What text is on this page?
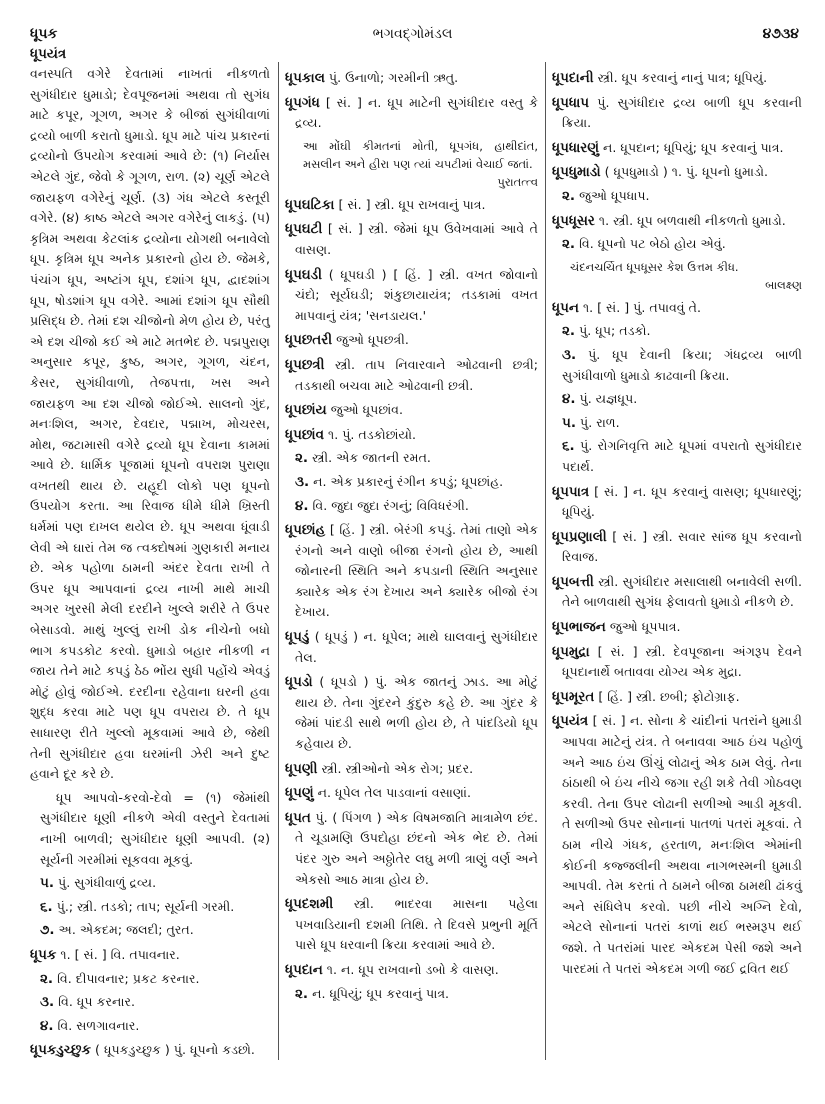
ધૂપક	ભગવદ્ગોમંડલ	૪૭૩૪
ધૂપયંત્ર
વનસ્પતિ વગેરે દેવતામાં નાખતાં નીકળતો સુગંધીદાર ધુમાડો; દેવપૂજનમાં અથવા તો સુગંધ માટે કપૂર, ગૂગળ, અગર કે બીજાં સુગંધીવાળાં દ્રવ્યો બાળી કરાતો ધુમાડો. ધૂપ માટે પાંચ પ્રકારનાં દ્રવ્યોનો ઉપયોગ કરવામાં આવે છે: (૧) નિર્યાસ એટલે ગુંદ, જેવો કે ગૂગળ, રાળ. (૨) ચૂર્ણ એટલે જાયફળ વગેરેનું ચૂર્ણ. (૩) ગંધ એટલે કસ્તૂરી વગેરે. (૪) કાષ્ઠ એટલે અગર વગેરેનું લાકડું. (૫) કૃત્રિમ અથવા કેટલાંક દ્રવ્યોના યોગથી બનાવેલો ધૂપ. કૃત્રિમ ધૂપ અનેક પ્રકારનો હોય છે. જેમકે, પંચાંગ ધૂપ, અષ્ટાંગ ધૂપ, દશાંગ ધૂપ, દ્વાદશાંગ ધૂપ, ષોડશાંગ ધૂપ વગેરે. આમાં દશાંગ ધૂપ સૌથી પ્રસિદ્ધ છે. તેમાં દશ ચીજોનો મેળ હોય છે, પરંતુ એ દશ ચીજો કઈ એ માટે મતભેદ છે. પદ્મપુરાણ અનુસાર કપૂર, કુષ્ઠ, અગર, ગૂગળ, ચંદન, કેસર, સુગંધીવાળો, તેજપત્તા, ખસ અને જાયફળ આ દશ ચીજો જોઈએ. સાલનો ગુંદ, મનઃશિલ, અગર, દેવદાર, પદ્માખ, મોચરસ, મોથ, જટામાસી વગેરે દ્રવ્યો ધૂપ દેવાના કામમાં આવે છે. ધાર્મિક પૂજામાં ધૂપનો વપરાશ પુરાણા વખતથી થાય છે. યહૂદી લોકો પણ ધૂપનો ઉપયોગ કરતા. આ રિવાજ ધીમે ધીમે ખ્રિસ્તી ધર્મમાં પણ દાખલ થયેલ છે. ધૂપ અથવા ધૂંવાડી લેવી એ ઘારાં તેમ જ ત્વક્દોષમાં ગુણકારી મનાય છે. એક પહોળા ઠામની અંદર દેવતા રાખી તે ઉપર ધૂપ આપવાનાં દ્રવ્ય નાખી માથે માચી અગર ખુરસી મેલી દરદીને ખુલ્લે શરીરે તે ઉપર બેસાડવો. માથું ખુલ્લું રાખી ડોક નીચેનો બધો ભાગ કપડકોટ કરવો. ધુમાડો બહાર નીકળી ન જાય તેને માટે કપડું ઠેઠ ભોંય સુધી પહોંચે એવડું મોટું હોવું જોઈએ. દરદીના રહેવાના ઘરની હવા શુદ્ધ કરવા માટે પણ ધૂપ વપરાય છે. તે ધૂપ સાધારણ રીતે ખુલ્લો મૂકવામાં આવે છે, જેથી તેની સુગંધીદાર હવા ઘરમાંની ઝેરી અને દુષ્ટ હવાને દૂર કરે છે.
ધૂપ આપવો-કરવો-દેવો = (૧) જેમાંથી સુગંધીદાર ધૂણી નીકળે એવી વસ્તુને દેવતામાં નાખી બાળવી; સુગંધીદાર ધૂણી આપવી. (૨) સૂર્યની ગરમીમાં સૂકવવા મૂકવું.
૫. પું. સુગંધીવાળું દ્રવ્ય.
૬. પું.; સ્ત્રી. તડકો; તાપ; સૂર્યની ગરમી.
૭. અ. એકદમ; જલદી; તુરત.
ધૂપક ૧. [ સં. ] વિ. તપાવનાર.
૨. વિ. દીપાવનાર; પ્રકટ કરનાર.
૩. વિ. ધૂપ કરનાર.
૪. વિ. સળગાવનાર.
ધૂપકડુચ્છુક ( ધૂપકડુચ્છુક ) પું. ધૂપનો કડછો.
ધૂપકાલ પું. ઉનાળો; ગરમીની ઋતુ.
ધૂપગંધ [ સં. ] ન. ધૂપ માટેની સુગંધીદાર વસ્તુ કે દ્રવ્ય.
આ મોંઘી કીમતનાં મોતી, ધૂપગંધ, હાથીદાંત, મસલીન અને હીરા પણ ત્યાં ચપટીમાં વેચાઈ જતાં.
પુરાતત્ત્વ
ધૂપઘટિકા [ સં. ] સ્ત્રી. ધૂપ રાખવાનું પાત્ર.
ધૂપઘટી [ સં. ] સ્ત્રી. જેમાં ધૂપ ઉવેખવામાં આવે તે વાસણ.
ધૂપઘડી ( ધૂપઘડી ) [ હિં. ] સ્ત્રી. વખત જોવાનો ચંદો; સૂર્યઘડી; શંકુછાયાયંત્ર; તડકામાં વખત માપવાનું યંત્ર; 'સનડાયલ.'
ધૂપછતરી જુઓ ધૂપછત્રી.
ધૂપછત્રી સ્ત્રી. તાપ નિવારવાને ઓઢવાની છત્રી; તડકાથી બચવા માટે ઓઢવાની છત્રી.
ધૂપછાંય જુઓ ધૂપછાંવ.
ધૂપછાંવ ૧. પું. તડકોછાંયો.
૨. સ્ત્રી. એક જાતની રમત.
૩. ન. એક પ્રકારનું રંગીન કપડું; ધૂપછાંહ.
૪. વિ. જુદા જુદા રંગનું; વિવિધરંગી.
ધૂપછાંહ [ હિં. ] સ્ત્રી. બેરંગી કપડું. તેમાં તાણો એક રંગનો અને વાણો બીજા રંગનો હોય છે, આથી જોનારની સ્થિતિ અને કપડાની સ્થિતિ અનુસાર ક્યારેક એક રંગ દેખાય અને ક્યારેક બીજો રંગ દેખાય.
ધૂપડું ( ધૂપડું ) ન. ધૂપેલ; માથે ઘાલવાનું સુગંધીદાર તેલ.
ધૂપડો ( ધૂપડો ) પું. એક જાતનું ઝાડ. આ મોટું થાય છે. તેના ગુંદરને કુંદુરુ કહે છે. આ ગુંદર કે જેમાં પાંદડી સાથે ભળી હોય છે, તે પાંદડિયો ધૂપ કહેવાય છે.
ધૂપણી સ્ત્રી. સ્ત્રીઓનો એક રોગ; પ્રદર.
ધૂપણું ન. ધૂપેલ તેલ પાડવાનાં વસાણાં.
ધૂપત પું. ( પિંગળ ) એક વિષમજાતિ માત્રામેળ છંદ. તે ચૂડામણિ ઉપદોહા છંદનો એક ભેદ છે. તેમાં પંદર ગુરુ અને અઠ્ઠોતેર લઘુ મળી ત્રાણું વર્ણ અને એકસો આઠ માત્રા હોય છે.
ધૂપદશમી સ્ત્રી. ભાદરવા માસના પહેલા પખવાડિયાની દશમી તિથિ. તે દિવસે પ્રભુની મૂર્તિ પાસે ધૂપ ધરવાની ક્રિયા કરવામાં આવે છે.
ધૂપદાન ૧. ન. ધૂપ રાખવાનો ડબો કે વાસણ.
૨. ન. ધૂપિયું; ધૂપ કરવાનું પાત્ર.
ધૂપદાની સ્ત્રી. ધૂપ કરવાનું નાનું પાત્ર; ધૂપિયું.
ધૂપધાપ પું. સુગંધીદાર દ્રવ્ય બાળી ધૂપ કરવાની ક્રિયા.
ધૂપધારણું ન. ધૂપદાન; ધૂપિયું; ધૂપ કરવાનું પાત્ર.
ધૂપધુમાડો ( ધૂપધુમાડો ) ૧. પું. ધૂપનો ધુમાડો.
૨. જુઓ ધૂપધાપ.
ધૂપધૂસર ૧. સ્ત્રી. ધૂપ બળવાથી નીકળતો ધુમાડો.
૨. વિ. ધૂપનો પટ બેઠો હોય એવું.
ચંદનચર્ચિત ધૂપધૂસર કેશ ઉત્તમ કીધ.
બાલક્ષ્ણ
ધૂપન ૧. [ સં. ] પું. તપાવવું તે.
૨. પું. ધૂપ; તડકો.
૩. પું. ધૂપ દેવાની ક્રિયા; ગંધદ્રવ્ય બાળી સુગંધીવાળો ધુમાડો કાઢવાની ક્રિયા.
૪. પું. યજ્ઞધૂપ.
૫. પું. રાળ.
૬. પું. રોગનિવૃત્તિ માટે ધૂપમાં વપરાતો સુગંધીદાર પદાર્થ.
ધૂપપાત્ર [ સં. ] ન. ધૂપ કરવાનું વાસણ; ધૂપધારણું; ધૂપિયું.
ધૂપપ્રણાલી [ સં. ] સ્ત્રી. સવાર સાંજ ધૂપ કરવાનો રિવાજ.
ધૂપબત્તી સ્ત્રી. સુગંધીદાર મસાલાથી બનાવેલી સળી. તેને બાળવાથી સુગંધ ફેલાવતો ધુમાડો નીકળે છે.
ધૂપભાજન જુઓ ધૂપપાત્ર.
ધૂપમુદ્રા [ સં. ] સ્ત્રી. દેવપૂજાના અંગરૂપ દેવને ધૂપદાનાર્થે બતાવવા યોગ્ય એક મુદ્રા.
ધૂપમૂરત [ હિં. ] સ્ત્રી. છબી; ફોટોગ્રાફ.
ધૂપયંત્ર [ સં. ] ન. સોના કે ચાંદીનાં પતરાંને ધુમાડી આપવા માટેનું યંત્ર. તે બનાવવા આઠ ઇંચ પહોળું અને આઠ ઇંચ ઊંચું લોઢાનું એક ઠામ લેવું. તેના ઠાંઠાથી બે ઇંચ નીચે જગા રહી શકે તેવી ગોઠવણ કરવી. તેના ઉપર લોઢાની સળીઓ આડી મૂકવી. તે સળીઓ ઉપર સોનાનાં પાતળાં પતરાં મૂકવાં. તે ઠામ નીચે ગંધક, હરતાળ, મનઃશિલ એમાંની કોઈની કજ્જલીની અથવા નાગભસ્મની ધુમાડી આપવી. તેમ કરતાં તે ઠામને બીજા ઠામથી ઢાંકવું અને સંધિલેપ કરવો. પછી નીચે અગ્નિ દેવો, એટલે સોનાનાં પતરાં કાળાં થઈ ભસ્મરૂપ થઈ જશે. તે પતરાંમાં પારદ એકદમ પેસી જશે અને પારદમાં તે પતરાં એકદમ ગળી જઈ દ્રવિત થઈ
